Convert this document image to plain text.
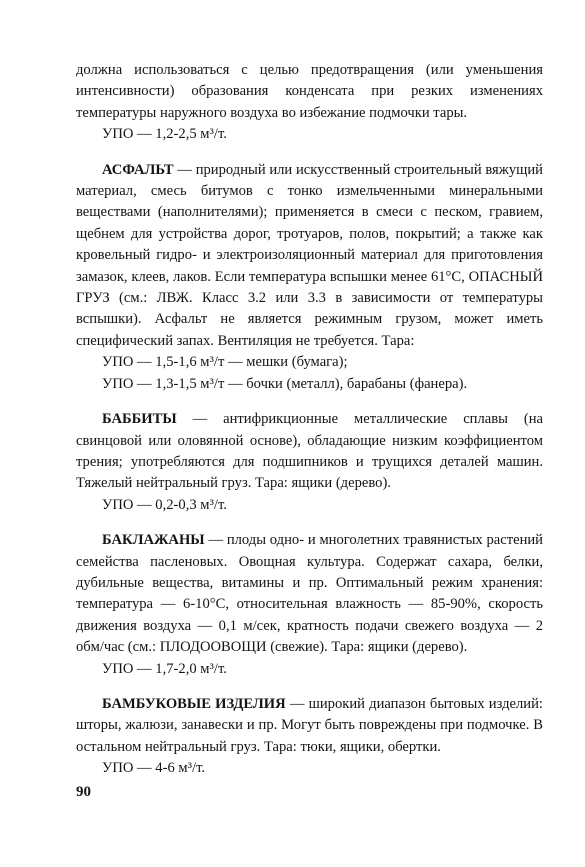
должна использоваться с целью предотвращения (или уменьшения интенсивности) образования конденсата при резких изменениях температуры наружного воздуха во избежание подмочки тары.

УПО — 1,2-2,5 м³/т.

АСФАЛЬТ — природный или искусственный строительный вяжущий материал, смесь битумов с тонко измельченными минеральными веществами (наполнителями); применяется в смеси с песком, гравием, щебнем для устройства дорог, тротуаров, полов, покрытий; а также как кровельный гидро- и электроизоляционный материал для приготовления замазок, клеев, лаков. Если температура вспышки менее 61°С, ОПАСНЫЙ ГРУЗ (см.: ЛВЖ. Класс 3.2 или 3.3 в зависимости от температуры вспышки). Асфальт не является режимным грузом, может иметь специфический запах. Вентиляция не требуется. Тара:

УПО — 1,5-1,6 м³/т — мешки (бумага);

УПО — 1,3-1,5 м³/т — бочки (металл), барабаны (фанера).

БАББИТЫ — антифрикционные металлические сплавы (на свинцовой или оловянной основе), обладающие низким коэффициентом трения; употребляются для подшипников и трущихся деталей машин. Тяжелый нейтральный груз. Тара: ящики (дерево).

УПО — 0,2-0,3 м³/т.

БАКЛАЖАНЫ — плоды одно- и многолетних травянистых растений семейства пасленовых. Овощная культура. Содержат сахара, белки, дубильные вещества, витамины и пр. Оптимальный режим хранения: температура — 6-10°С, относительная влажность — 85-90%, скорость движения воздуха — 0,1 м/сек, кратность подачи свежего воздуха — 2 обм/час (см.: ПЛОДООВОЩИ (свежие). Тара: ящики (дерево).

УПО — 1,7-2,0 м³/т.

БАМБУКОВЫЕ ИЗДЕЛИЯ — широкий диапазон бытовых изделий: шторы, жалюзи, занавески и пр. Могут быть повреждены при подмочке. В остальном нейтральный груз. Тара: тюки, ящики, обертки.

УПО — 4-6 м³/т.

90
